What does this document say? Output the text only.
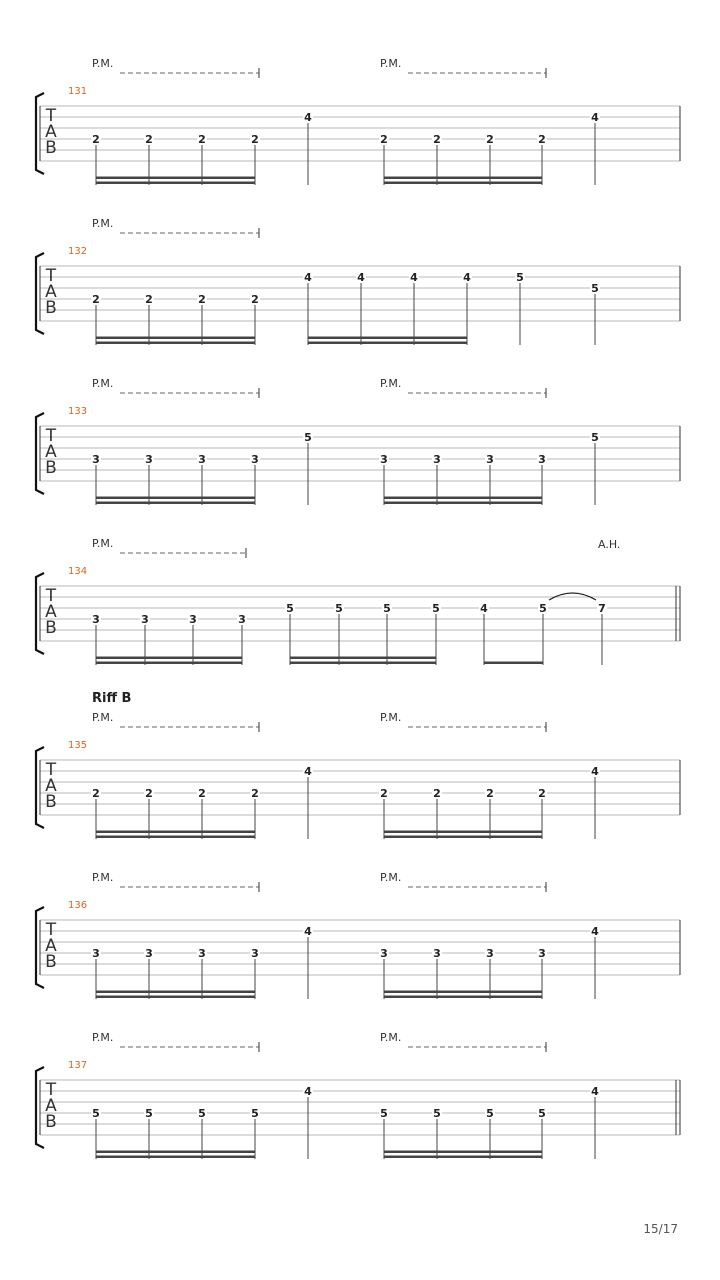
T
A
B
131
P.M.	P.M.
2	2	2	2
4
2	2	2	2
4
T
A
B
132
P.M.
2	2	2	2
4	4	4	4	5
5
T
A
B
133
P.M.	P.M.
3	3	3	3
5
3	3	3	3
5
T
A
B
134
P.M.	A.H.
3	3	3	3
5	5	5	5	4	5	7
T
A
B
135
Riff B
P.M.	P.M.
2	2	2	2
4
2	2	2	2
4
T
A
B
136
P.M.	P.M.
3	3	3	3
4
3	3	3	3
4
T
A
B
137
P.M.	P.M.
5	5	5	5
4
5	5	5	5
4
15/17
